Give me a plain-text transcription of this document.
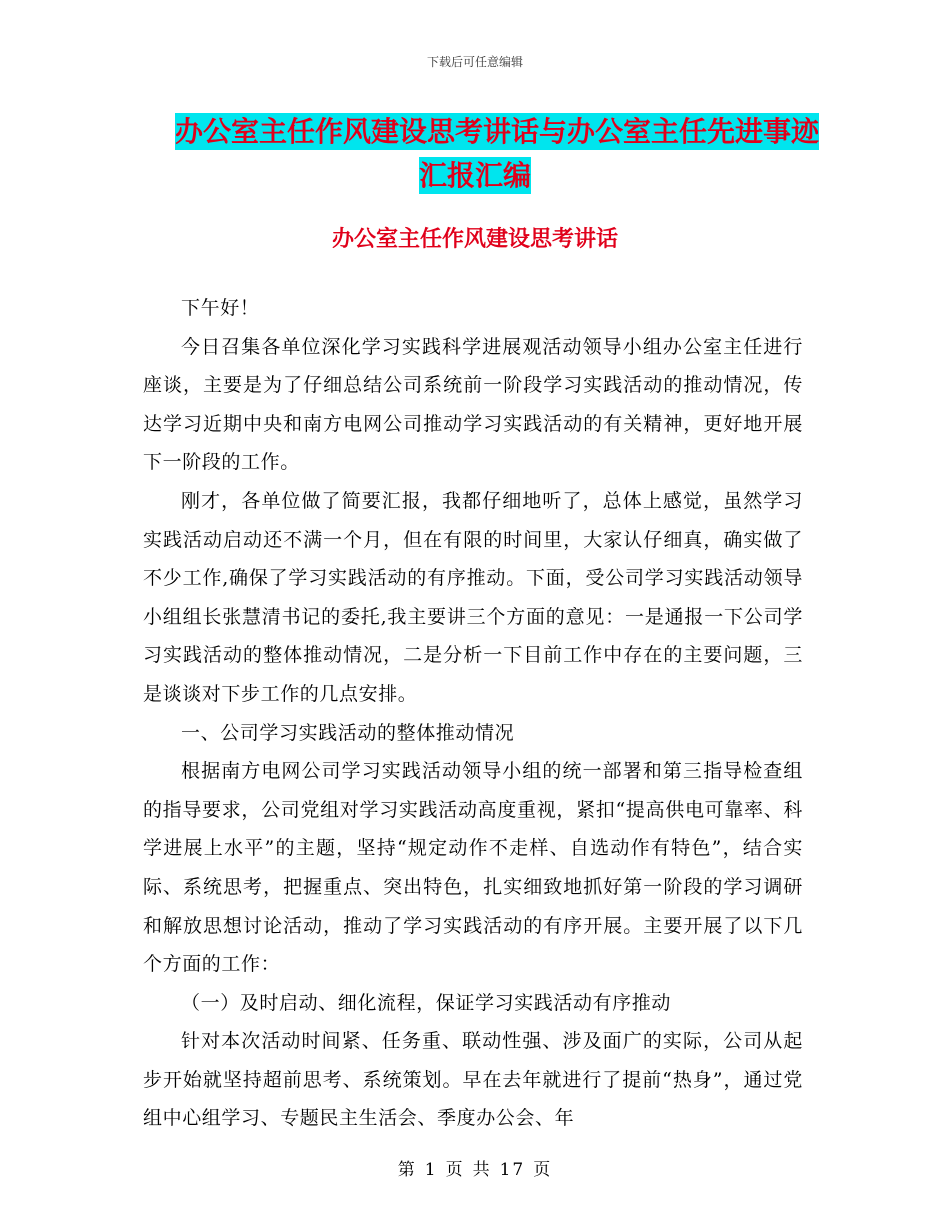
下载后可任意编辑
办公室主任作风建设思考讲话与办公室主任先进事迹
汇报汇编
办公室主任作风建设思考讲话

下午好！

今日召集各单位深化学习实践科学进展观活动领导小组办公室主任进行座谈，主要是为了仔细总结公司系统前一阶段学习实践活动的推动情况，传达学习近期中央和南方电网公司推动学习实践活动的有关精神，更好地开展下一阶段的工作。

刚才，各单位做了简要汇报，我都仔细地听了，总体上感觉，虽然学习实践活动启动还不满一个月，但在有限的时间里，大家认仔细真，确实做了不少工作,确保了学习实践活动的有序推动。下面，受公司学习实践活动领导小组组长张慧清书记的委托,我主要讲三个方面的意见：一是通报一下公司学习实践活动的整体推动情况，二是分析一下目前工作中存在的主要问题，三是谈谈对下步工作的几点安排。

一、公司学习实践活动的整体推动情况

根据南方电网公司学习实践活动领导小组的统一部署和第三指导检查组的指导要求，公司党组对学习实践活动高度重视，紧扣“提高供电可靠率、科学进展上水平”的主题，坚持“规定动作不走样、自选动作有特色”，结合实际、系统思考，把握重点、突出特色，扎实细致地抓好第一阶段的学习调研和解放思想讨论活动，推动了学习实践活动的有序开展。主要开展了以下几个方面的工作：

（一）及时启动、细化流程，保证学习实践活动有序推动

针对本次活动时间紧、任务重、联动性强、涉及面广的实际，公司从起步开始就坚持超前思考、系统策划。早在去年就进行了提前“热身”，通过党组中心组学习、专题民主生活会、季度办公会、年

第 1 页 共 17 页
